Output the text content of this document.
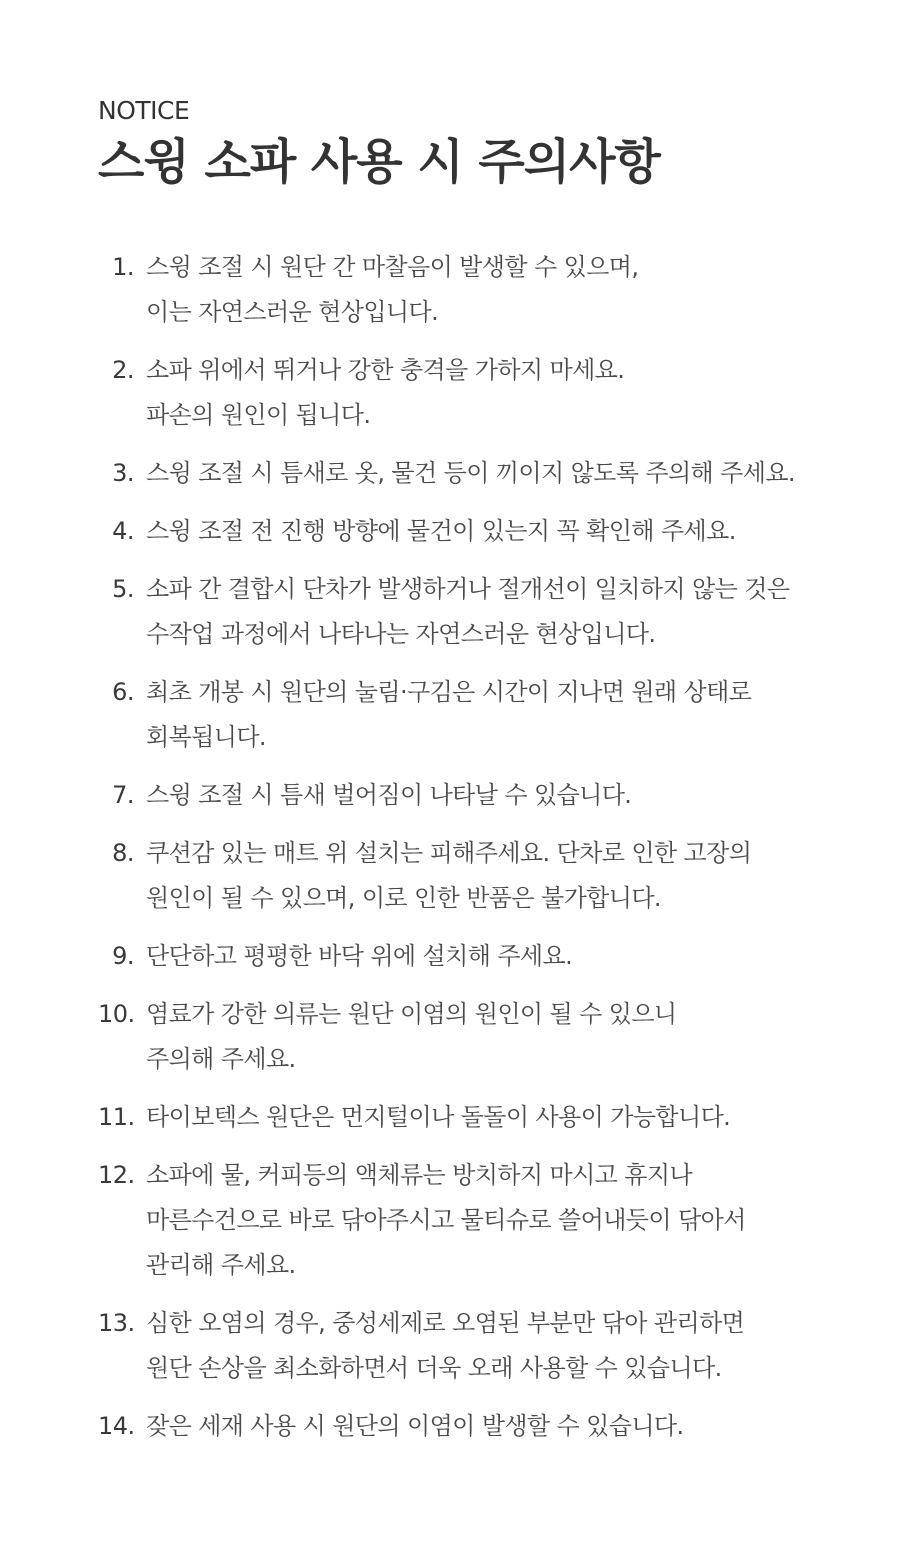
NOTICE

스윙 소파 사용 시 주의사항
1. 스윙 조절 시 원단 간 마찰음이 발생할 수 있으며,
이는 자연스러운 현상입니다.
2. 소파 위에서 뛰거나 강한 충격을 가하지 마세요.
파손의 원인이 됩니다.
3. 스윙 조절 시 틈새로 옷, 물건 등이 끼이지 않도록 주의해 주세요.
4. 스윙 조절 전 진행 방향에 물건이 있는지 꼭 확인해 주세요.
5. 소파 간 결합시 단차가 발생하거나 절개선이 일치하지 않는 것은
수작업 과정에서 나타나는 자연스러운 현상입니다.
6. 최초 개봉 시 원단의 눌림·구김은 시간이 지나면 원래 상태로
회복됩니다.
7. 스윙 조절 시 틈새 벌어짐이 나타날 수 있습니다.
8. 쿠션감 있는 매트 위 설치는 피해주세요. 단차로 인한 고장의
원인이 될 수 있으며, 이로 인한 반품은 불가합니다.
9. 단단하고 평평한 바닥 위에 설치해 주세요.
10. 염료가 강한 의류는 원단 이염의 원인이 될 수 있으니
주의해 주세요.
11. 타이보텍스 원단은 먼지털이나 돌돌이 사용이 가능합니다.
12. 소파에 물, 커피등의 액체류는 방치하지 마시고 휴지나
마른수건으로 바로 닦아주시고 물티슈로 쓸어내듯이 닦아서
관리해 주세요.
13. 심한 오염의 경우, 중성세제로 오염된 부분만 닦아 관리하면
원단 손상을 최소화하면서 더욱 오래 사용할 수 있습니다.
14. 잦은 세재 사용 시 원단의 이염이 발생할 수 있습니다.
